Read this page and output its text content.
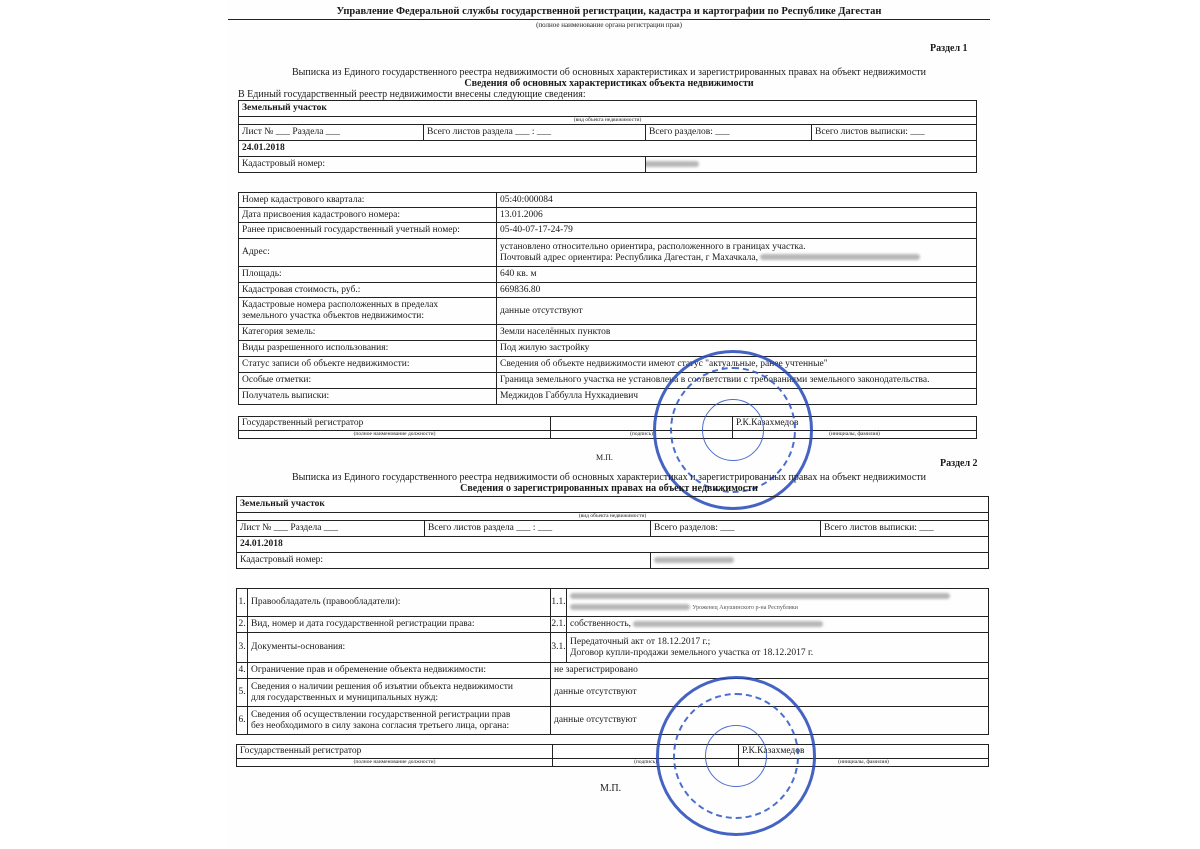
Управление Федеральной службы государственной регистрации, кадастра и картографии по Республике Дагестан
(полное наименование органа регистрации прав)
Раздел 1
Выписка из Единого государственного реестра недвижимости об основных характеристиках и зарегистрированных правах на объект недвижимости
Сведения об основных характеристиках объекта недвижимости
В Единый государственный реестр недвижимости внесены следующие сведения:
Земельный участок			
(вид объекта недвижимости)			
Лист № ___ Раздела ___	Всего листов раздела ___ : ___	Всего разделов: ___	Всего листов выписки: ___
24.01.2018			
Кадастровый номер:			
Номер кадастрового квартала:	05:40:000084
Дата присвоения кадастрового номера:	13.01.2006
Ранее присвоенный государственный учетный номер:	05-40-07-17-24-79
Адрес:	установлено относительно ориентира, расположенного в границах участка.
Почтовый адрес ориентира: Республика Дагестан, г Махачкала,

Площадь:	640 кв. м
Кадастровая стоимость, руб.:	669836.80

Кадастровые номера расположенных в пределах
земельного участка объектов недвижимости:	данные отсутствуют
Категория земель:	Земли населённых пунктов
Виды разрешенного использования:	Под жилую застройку
Статус записи об объекте недвижимости:	Сведения об объекте недвижимости имеют статус "актуальные, ранее учтенные"
Особые отметки:	Граница земельного участка не установлена в соответствии с требованиями земельного законодательства.
Получатель выписки:	Меджидов Габбулла Нухкадиевич
Государственный регистратор		Р.К.Казахмедов
(полное наименование должности)	(подпись)	(инициалы, фамилия)
М.П.
Раздел 2
Выписка из Единого государственного реестра недвижимости об основных характеристиках и зарегистрированных правах на объект недвижимости
Сведения о зарегистрированных правах на объект недвижимости
Земельный участок			
(вид объекта недвижимости)			
Лист № ___ Раздела ___	Всего листов раздела ___ : ___	Всего разделов: ___	Всего листов выписки: ___
24.01.2018			
Кадастровый номер:			
1.	Правообладатель (правообладатели):	1.1.	Уроженец Акушинского р-на Республики

2.	Вид, номер и дата государственной регистрации права:	2.1.	собственность,
3.	Документы-основания:	3.1.	Передаточный акт от 18.12.2017 г.;
Договор купли-продажи земельного участка от 18.12.2017 г.

4.	Ограничение прав и обременение объекта недвижимости:	не зарегистрировано	
5.	Сведения о наличии решения об изъятии объекта недвижимости
для государственных и муниципальных нужд:	данные отсутствуют	
6.	Сведения об осуществлении государственной регистрации прав
без необходимого в силу закона согласия третьего лица, органа:	данные отсутствуют	
Государственный регистратор		Р.К.Казахмедов
(полное наименование должности)	(подпись)	(инициалы, фамилия)
М.П.
